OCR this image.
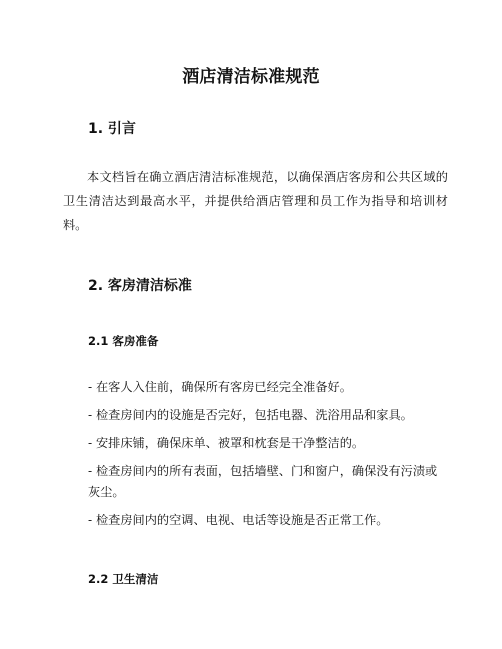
酒店清洁标准规范
1. 引言

本文档旨在确立酒店清洁标准规范，以确保酒店客房和公共区域的卫生清洁达到最高水平，并提供给酒店管理和员工作为指导和培训材料。

2. 客房清洁标准
2.1 客房准备
- 在客人入住前，确保所有客房已经完全准备好。
- 检查房间内的设施是否完好，包括电器、洗浴用品和家具。
- 安排床铺，确保床单、被罩和枕套是干净整洁的。
- 检查房间内的所有表面，包括墙壁、门和窗户，确保没有污渍或灰尘。
- 检查房间内的空调、电视、电话等设施是否正常工作。
2.2 卫生清洁
